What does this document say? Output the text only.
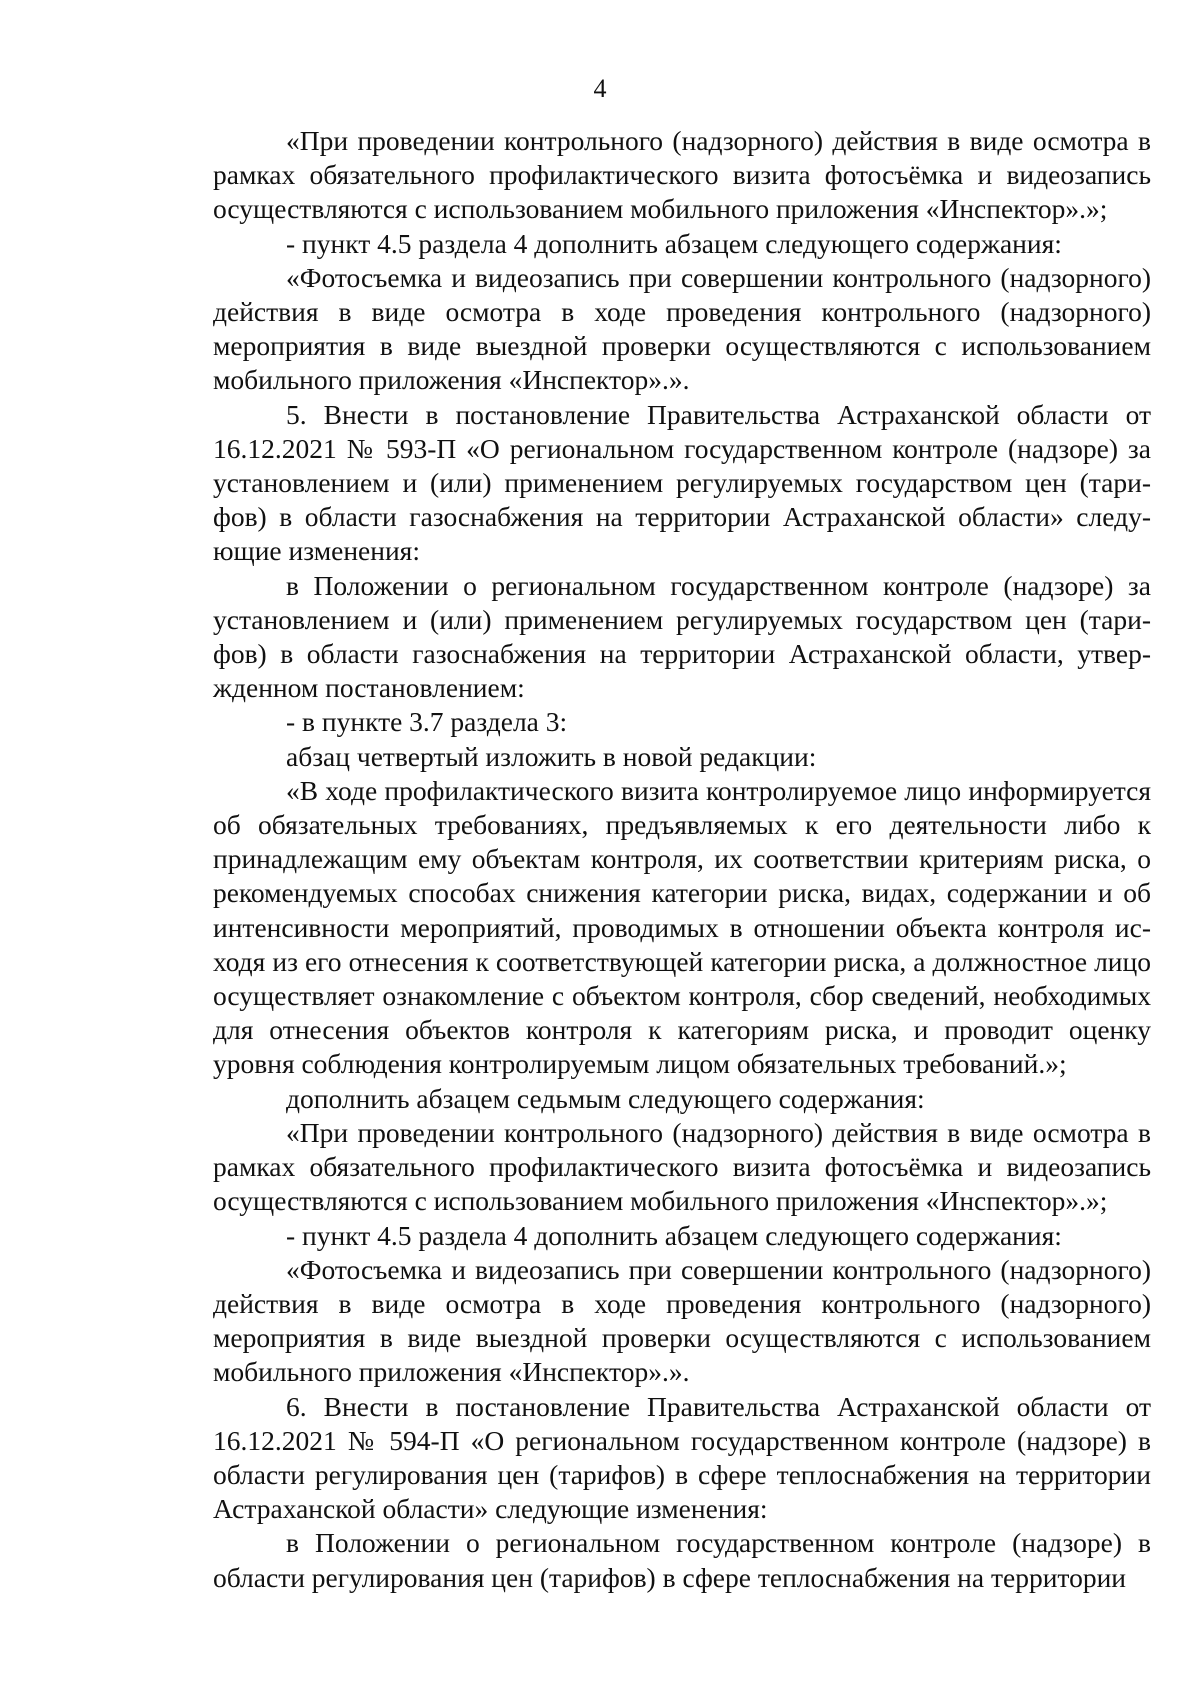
4

«При проведении контрольного (надзорного) действия в виде осмотра в рамках обязательного профилактического визита фотосъёмка и видеозапись осуществляются с использованием мобильного приложения «Инспектор».»;

- пункт 4.5 раздела 4 дополнить абзацем следующего содержания:

«Фотосъемка и видеозапись при совершении контрольного (надзорного) действия в виде осмотра в ходе проведения контрольного (надзорного) мероприятия в виде выездной проверки осуществляются с использованием мобильного приложения «Инспектор».».

5. Внести в постановление Правительства Астраханской области от 16.12.2021 № 593-П «О региональном государственном контроле (надзоре) за установлением и (или) применением регулируемых государством цен (тарифов) в области газоснабжения на территории Астраханской области» следующие изменения:

в Положении о региональном государственном контроле (надзоре) за установлением и (или) применением регулируемых государством цен (тарифов) в области газоснабжения на территории Астраханской области, утвержденном постановлением:

- в пункте 3.7 раздела 3:

абзац четвертый изложить в новой редакции:

«В ходе профилактического визита контролируемое лицо информируется об обязательных требованиях, предъявляемых к его деятельности либо к принадлежащим ему объектам контроля, их соответствии критериям риска, о рекомендуемых способах снижения категории риска, видах, содержании и об интенсивности мероприятий, проводимых в отношении объекта контроля исходя из его отнесения к соответствующей категории риска, а должностное лицо осуществляет ознакомление с объектом контроля, сбор сведений, необходимых для отнесения объектов контроля к категориям риска, и проводит оценку уровня соблюдения контролируемым лицом обязательных требований.»;

дополнить абзацем седьмым следующего содержания:

«При проведении контрольного (надзорного) действия в виде осмотра в рамках обязательного профилактического визита фотосъёмка и видеозапись осуществляются с использованием мобильного приложения «Инспектор».»;

- пункт 4.5 раздела 4 дополнить абзацем следующего содержания:

«Фотосъемка и видеозапись при совершении контрольного (надзорного) действия в виде осмотра в ходе проведения контрольного (надзорного) мероприятия в виде выездной проверки осуществляются с использованием мобильного приложения «Инспектор».».

6. Внести в постановление Правительства Астраханской области от 16.12.2021 № 594-П «О региональном государственном контроле (надзоре) в области регулирования цен (тарифов) в сфере теплоснабжения на территории Астраханской области» следующие изменения:

в Положении о региональном государственном контроле (надзоре) в области регулирования цен (тарифов) в сфере теплоснабжения на территории
